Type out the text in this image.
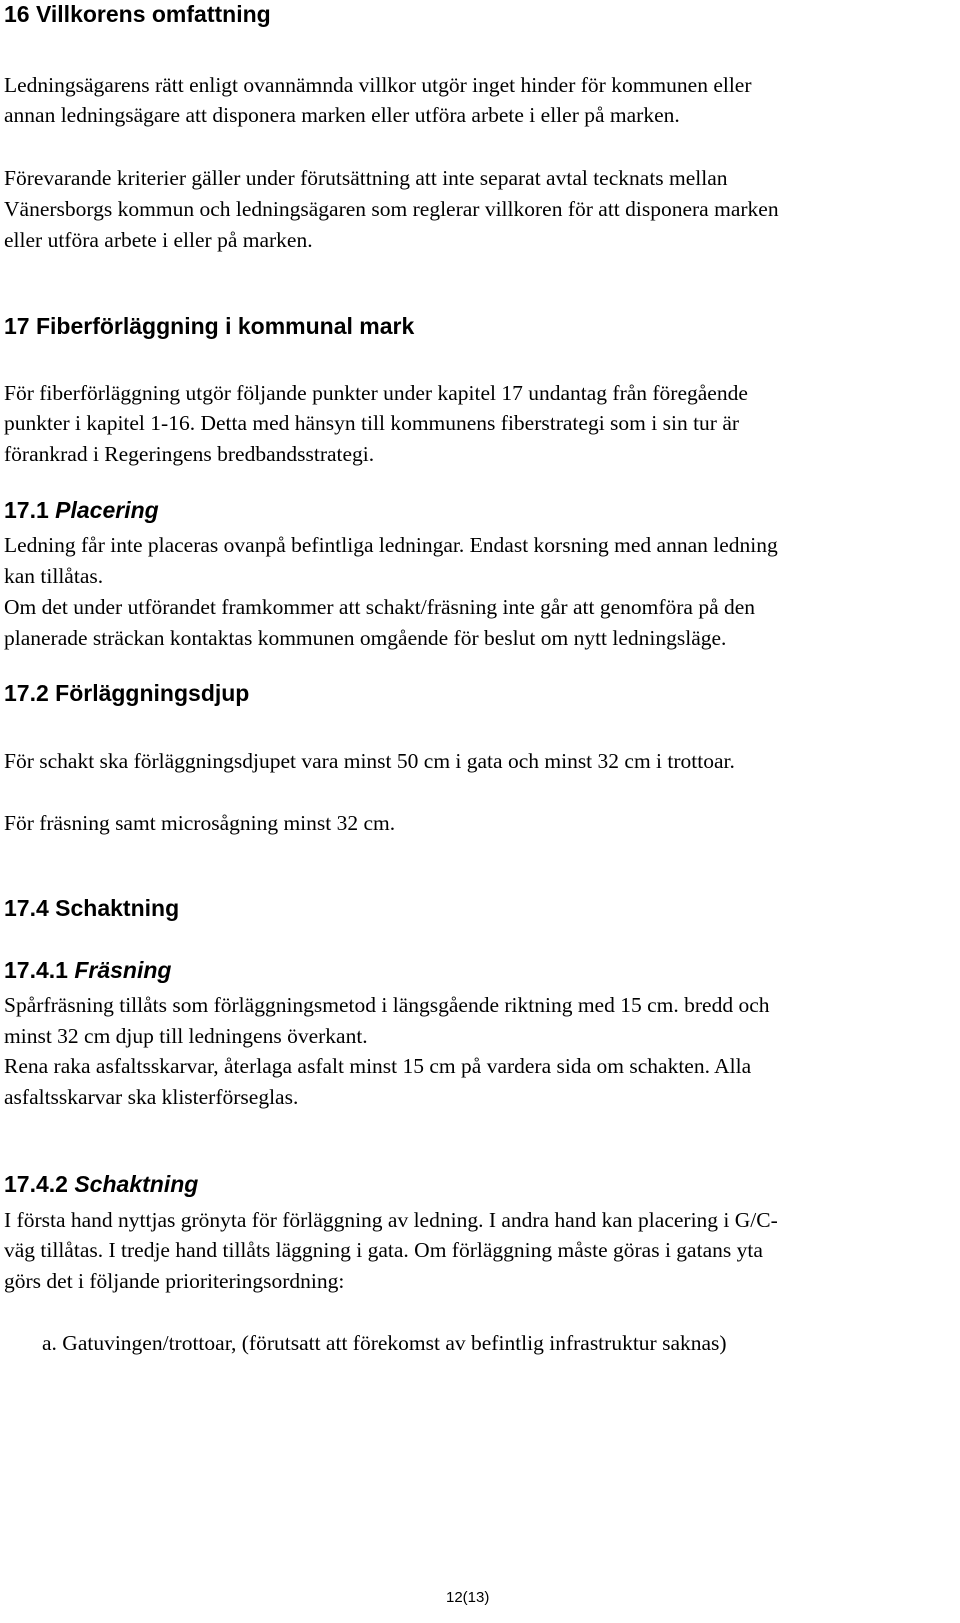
16 Villkorens omfattning
Ledningsägarens rätt enligt ovannämnda villkor utgör inget hinder för kommunen eller
annan ledningsägare att disponera marken eller utföra arbete i eller på marken.
Förevarande kriterier gäller under förutsättning att inte separat avtal tecknats mellan
Vänersborgs kommun och ledningsägaren som reglerar villkoren för att disponera marken
eller utföra arbete i eller på marken.
17 Fiberförläggning i kommunal mark
För fiberförläggning utgör följande punkter under kapitel 17 undantag från föregående
punkter i kapitel 1-16. Detta med hänsyn till kommunens fiberstrategi som i sin tur är
förankrad i Regeringens bredbandsstrategi.
17.1 Placering
Ledning får inte placeras ovanpå befintliga ledningar. Endast korsning med annan ledning
kan tillåtas.
Om det under utförandet framkommer att schakt/fräsning inte går att genomföra på den
planerade sträckan kontaktas kommunen omgående för beslut om nytt ledningsläge.
17.2 Förläggningsdjup
För schakt ska förläggningsdjupet vara minst 50 cm i gata och minst 32 cm i trottoar.
För fräsning samt microsågning minst 32 cm.
17.4 Schaktning
17.4.1 Fräsning
Spårfräsning tillåts som förläggningsmetod i längsgående riktning med 15 cm. bredd och
minst 32 cm djup till ledningens överkant.
Rena raka asfaltsskarvar, återlaga asfalt minst 15 cm på vardera sida om schakten. Alla
asfaltsskarvar ska klisterförseglas.
17.4.2 Schaktning
I första hand nyttjas grönyta för förläggning av ledning. I andra hand kan placering i G/C-
väg tillåtas. I tredje hand tillåts läggning i gata. Om förläggning måste göras i gatans yta
görs det i följande prioriteringsordning:
a. Gatuvingen/trottoar, (förutsatt att förekomst av befintlig infrastruktur saknas)
12(13)
